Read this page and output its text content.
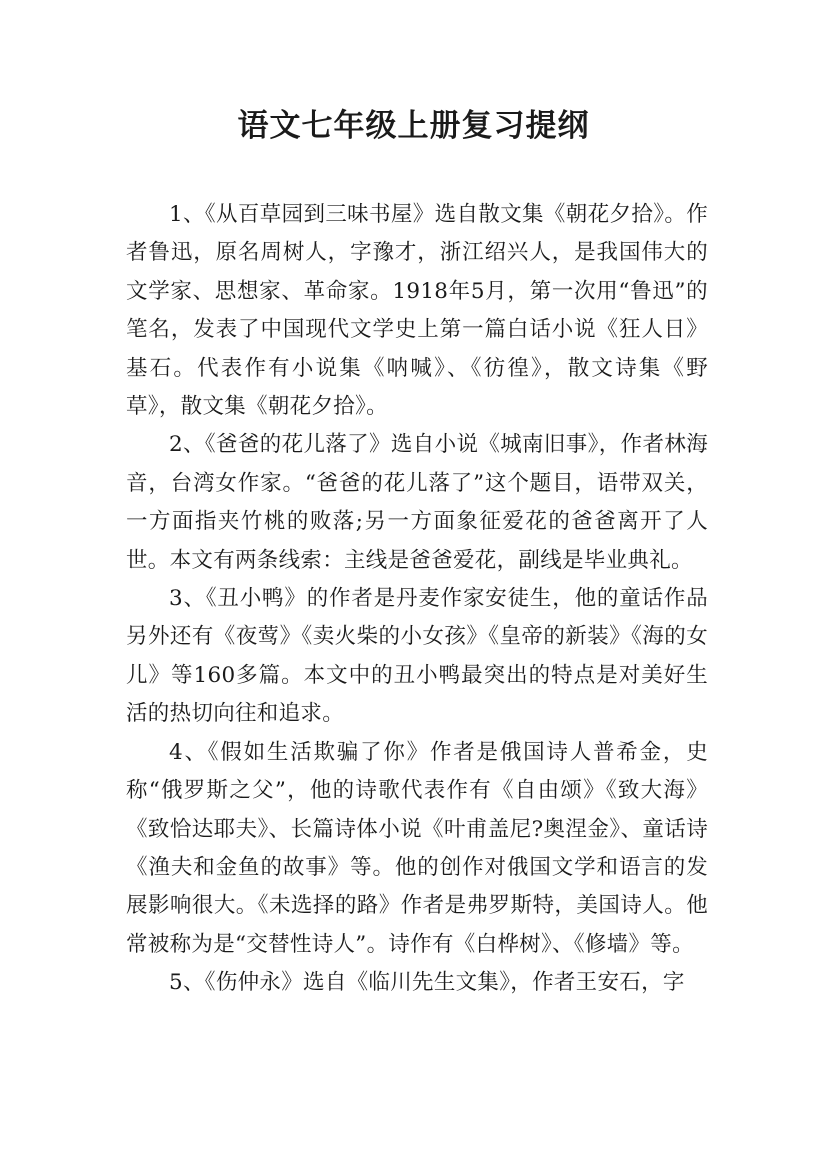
语文七年级上册复习提纲

1、《从百草园到三味书屋》选自散文集《朝花夕拾》。作者鲁迅，原名周树人，字豫才，浙江绍兴人，是我国伟大的文学家、思想家、革命家。1918年5月，第一次用“鲁迅”的笔名，发表了中国现代文学史上第一篇白话小说《狂人日》基石。代表作有小说集《呐喊》、《彷徨》，散文诗集《野草》，散文集《朝花夕拾》。

2、《爸爸的花儿落了》选自小说《城南旧事》，作者林海音，台湾女作家。“爸爸的花儿落了”这个题目，语带双关，一方面指夹竹桃的败落;另一方面象征爱花的爸爸离开了人世。本文有两条线索：主线是爸爸爱花，副线是毕业典礼。

3、《丑小鸭》的作者是丹麦作家安徒生，他的童话作品另外还有《夜莺》《卖火柴的小女孩》《皇帝的新装》《海的女儿》等160多篇。本文中的丑小鸭最突出的特点是对美好生活的热切向往和追求。

4、《假如生活欺骗了你》作者是俄国诗人普希金，史称“俄罗斯之父”，他的诗歌代表作有《自由颂》《致大海》《致恰达耶夫》、长篇诗体小说《叶甫盖尼?奥涅金》、童话诗《渔夫和金鱼的故事》等。他的创作对俄国文学和语言的发展影响很大。《未选择的路》作者是弗罗斯特，美国诗人。他常被称为是“交替性诗人”。诗作有《白桦树》、《修墙》等。

5、《伤仲永》选自《临川先生文集》，作者王安石，字
